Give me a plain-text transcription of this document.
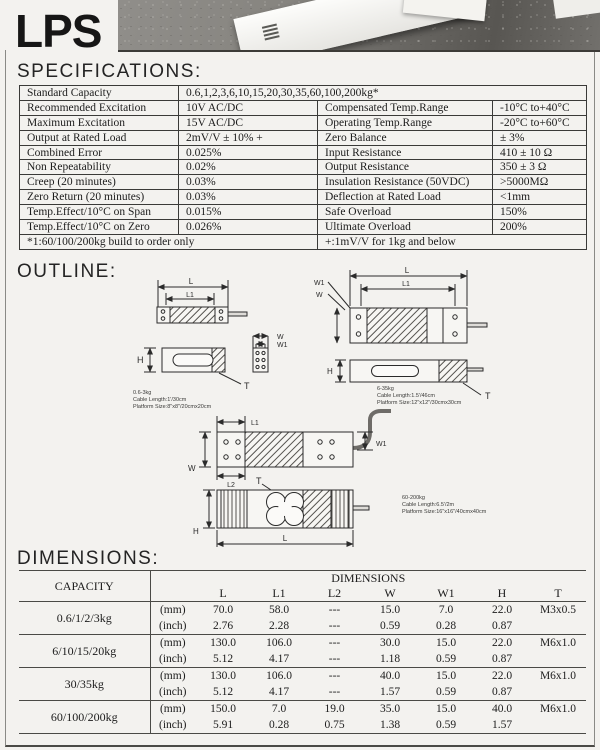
LPS
SPECIFICATIONS:
Standard Capacity	0.6,1,2,3,6,10,15,20,30,35,60,100,200kg*		
Recommended Excitation	10V AC/DC	Compensated Temp.Range	-10°C to+40°C
Maximum Excitation	15V AC/DC	Operating Temp.Range	-20°C to+60°C
Output at Rated Load	2mV/V ± 10% +	Zero Balance	± 3%
Combined Error	0.025%	Input Resistance	410 ± 10 Ω
Non Repeatability	0.02%	Output Resistance	350 ± 3 Ω
Creep (20 minutes)	0.03%	Insulation Resistance (50VDC)	>5000MΩ
Zero Return (20 minutes)	0.03%	Deflection at Rated Load	<1mm
Temp.Effect/10°C on Span	0.015%	Safe Overload	150%
Temp.Effect/10°C on Zero	0.026%	Ultimate Overload	200%
*1:60/100/200kg build to order only		+:1mV/V for 1kg and below	
OUTLINE:	L
L1
H
T
W
W1
0.6-3kg
Cable Length:1'/30cm
Platform Size:8"x8"/20cmx20cm
L
L1
W1
W
H
T
6-35kg
Cable Length:1.5'/46cm
Platform Size:12"x12"/30cmx30cm
L1
W1
W
L2 T
H
L
60-200kg
Cable Length:6.5'/2m
Platform Size:16"x16"/40cmx40cm
DIMENSIONS:
CAPACITY	DIMENSIONS							
		L	L1	L2	W	W1	H	T
0.6/1/2/3kg	(mm)	70.0	58.0	---	15.0	7.0	22.0	M3x0.5
	(inch)	2.76	2.28	---	0.59	0.28	0.87	
6/10/15/20kg	(mm)	130.0	106.0	---	30.0	15.0	22.0	M6x1.0
	(inch)	5.12	4.17	---	1.18	0.59	0.87	
30/35kg	(mm)	130.0	106.0	---	40.0	15.0	22.0	M6x1.0
	(inch)	5.12	4.17	---	1.57	0.59	0.87	
60/100/200kg	(mm)	150.0	7.0	19.0	35.0	15.0	40.0	M6x1.0
	(inch)	5.91	0.28	0.75	1.38	0.59	1.57	
